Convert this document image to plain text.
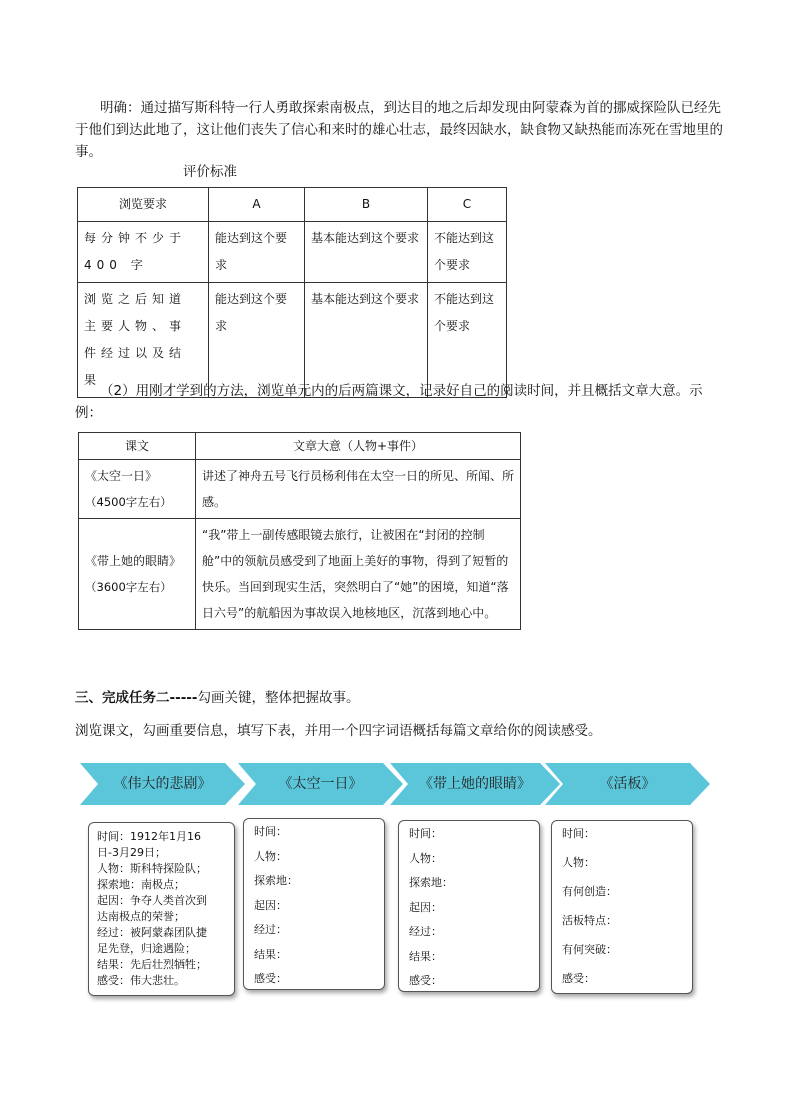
明确：通过描写斯科特一行人勇敢探索南极点，到达目的地之后却发现由阿蒙森为首的挪威探险队已经先于他们到达此地了，这让他们丧失了信心和来时的雄心壮志，最终因缺水，缺食物又缺热能而冻死在雪地里的事。
评价标准
浏览要求	A	B	C
每分钟不少于400 字	能达到这个要求	基本能达到这个要求	不能达到这个要求
浏览之后知道主要人物、事件经过以及结果	能达到这个要求	基本能达到这个要求	不能达到这个要求
（2）用刚才学到的方法，浏览单元内的后两篇课文，记录好自己的阅读时间，并且概括文章大意。示例：
课文	文章大意（人物+事件）

《太空一日》
（4500字左右）	讲述了神舟五号飞行员杨利伟在太空一日的所见、所闻、所感。

《带上她的眼睛》
（3600字左右）	“我”带上一副传感眼镜去旅行，让被困在“封闭的控制舱”中的领航员感受到了地面上美好的事物，得到了短暂的快乐。当回到现实生活，突然明白了“她”的困境，知道“落日六号”的航船因为事故误入地核地区，沉落到地心中。
三、完成任务二-----勾画关键，整体把握故事。
浏览课文，勾画重要信息，填写下表，并用一个四字词语概括每篇文章给你的阅读感受。
《伟大的悲剧》	《太空一日》	《带上她的眼睛》	《活板》
时间：1912年1月16
日-3月29日；
人物：斯科特探险队；
探索地：南极点；
起因：争夺人类首次到
达南极点的荣誉；
经过：被阿蒙森团队捷
足先登，归途遇险；
结果：先后壮烈牺牲；
感受：伟大悲壮。
时间：
人物：
探索地：
起因：
经过：
结果：
感受：
时间：
人物：
探索地：
起因：
经过：
结果：
感受：
时间：
人物：
有何创造：
活板特点：
有何突破：
感受：
